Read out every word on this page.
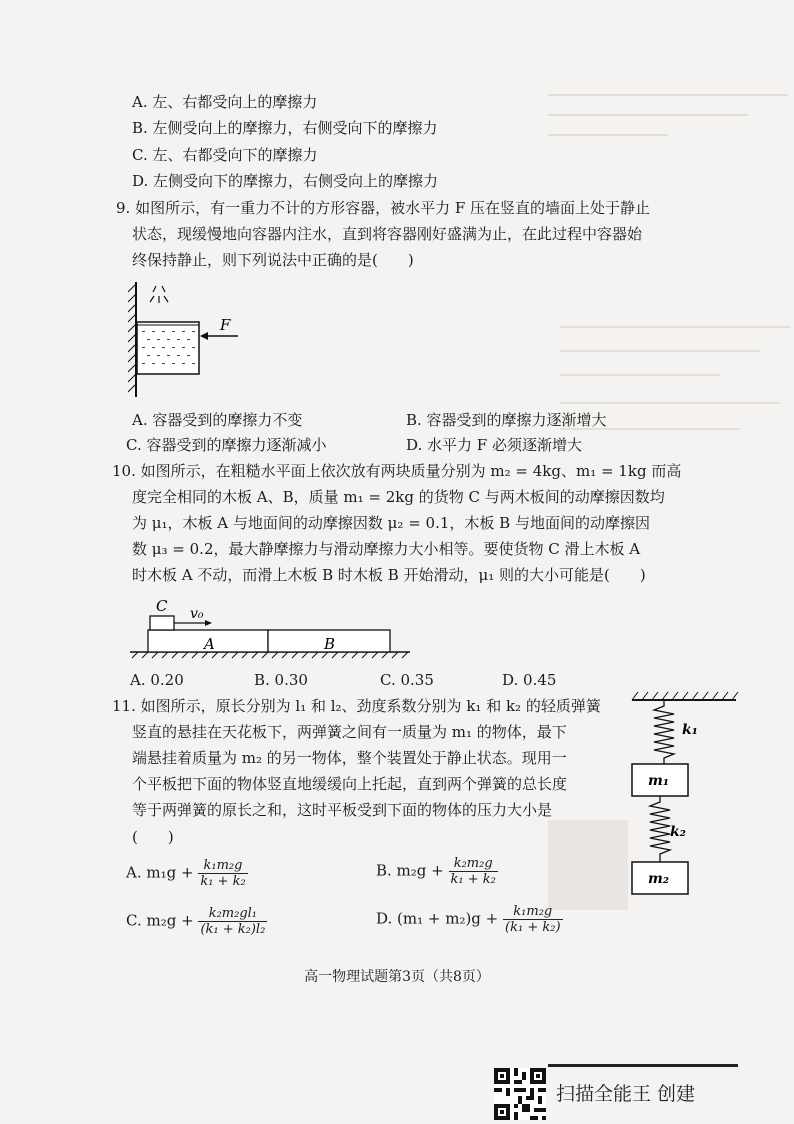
A. 左、右都受向上的摩擦力
B. 左侧受向上的摩擦力，右侧受向下的摩擦力
C. 左、右都受向下的摩擦力
D. 左侧受向下的摩擦力，右侧受向上的摩擦力
9. 如图所示，有一重力不计的方形容器，被水平力 F 压在竖直的墙面上处于静止
状态，现缓慢地向容器内注水，直到将容器刚好盛满为止，在此过程中容器始
终保持静止，则下列说法中正确的是(　　)
F
A. 容器受到的摩擦力不变	B. 容器受到的摩擦力逐渐增大
C. 容器受到的摩擦力逐渐减小	D. 水平力 F 必须逐渐增大
10. 如图所示，在粗糙水平面上依次放有两块质量分别为 m₂ = 4kg、m₁ = 1kg 而高
度完全相同的木板 A、B，质量 m₁ = 2kg 的货物 C 与两木板间的动摩擦因数均
为 μ₁，木板 A 与地面间的动摩擦因数 μ₂ = 0.1，木板 B 与地面间的动摩擦因
数 μ₃ = 0.2，最大静摩擦力与滑动摩擦力大小相等。要使货物 C 滑上木板 A
时木板 A 不动，而滑上木板 B 时木板 B 开始滑动，μ₁ 则的大小可能是(　　)
C v₀
A	B
A. 0.20	B. 0.30	C. 0.35	D. 0.45
11. 如图所示，原长分别为 l₁ 和 l₂、劲度系数分别为 k₁ 和 k₂ 的轻质弹簧
竖直的悬挂在天花板下，两弹簧之间有一质量为 m₁ 的物体，最下
端悬挂着质量为 m₂ 的另一物体，整个装置处于静止状态。现用一
个平板把下面的物体竖直地缓缓向上托起，直到两个弹簧的总长度
等于两弹簧的原长之和，这时平板受到下面的物体的压力大小是
(　　)
k₁
m₁
k₂
m₂
A. $m_1g + \frac{\text{k₁m₂g}}{\text{k₁ + k₂}}$	B. $m_2g + \frac{\text{k₂m₂g}}{\text{k₁ + k₂}}$
C. $m_2g + \frac{\text{k₂m₂gl₁}}{\text{(k₁ + k₂)l₂}}$	D. $(m_1 + m_2)g + \frac{\text{k₁m₂g}}{\text{(k₁ + k₂)}}$
高一物理试题第3页（共8页）
扫描全能王 创建
